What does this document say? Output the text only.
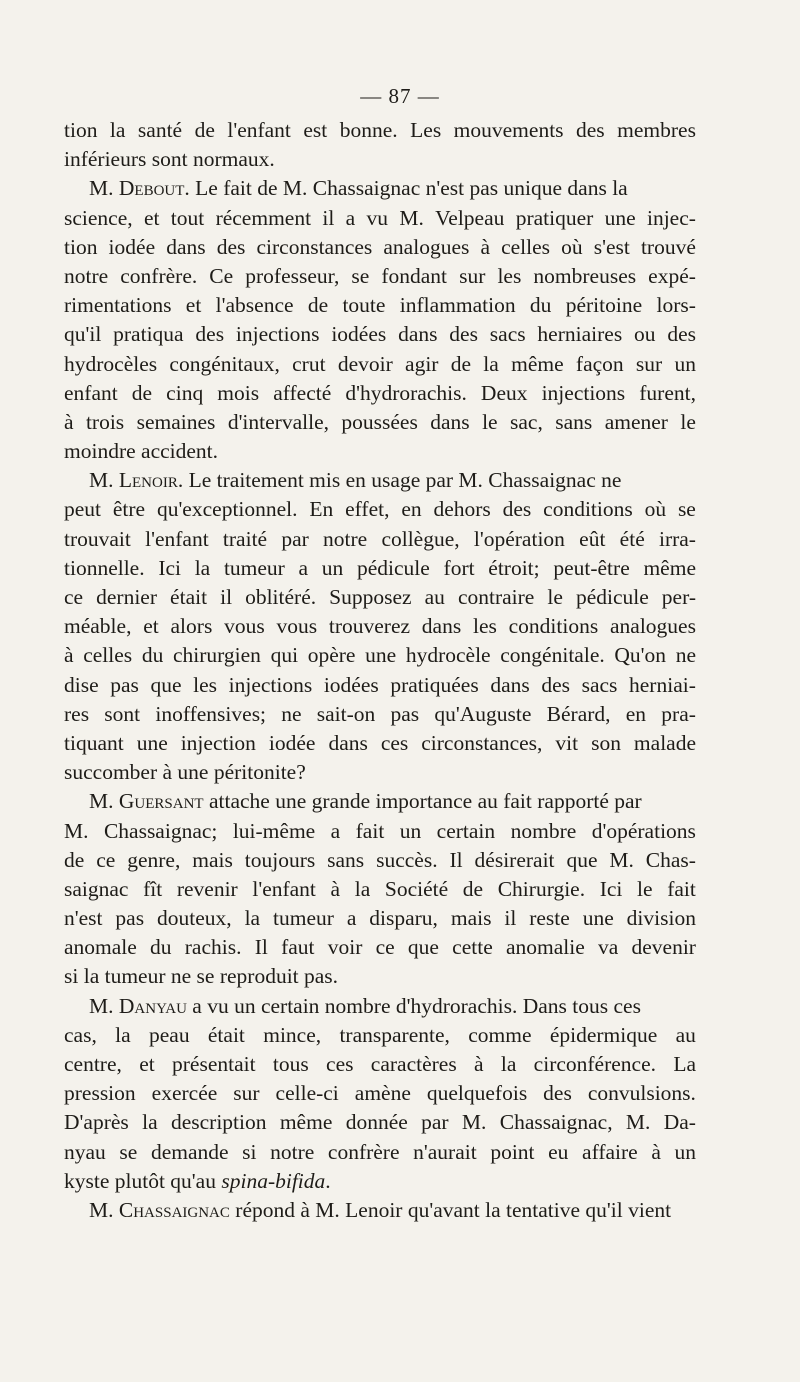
— 87 —
tion la santé de l'enfant est bonne. Les mouvements des membres
inférieurs sont normaux.
M. Debout. Le fait de M. Chassaignac n'est pas unique dans la
science, et tout récemment il a vu M. Velpeau pratiquer une injec-
tion iodée dans des circonstances analogues à celles où s'est trouvé
notre confrère. Ce professeur, se fondant sur les nombreuses expé-
rimentations et l'absence de toute inflammation du péritoine lors-
qu'il pratiqua des injections iodées dans des sacs herniaires ou des
hydrocèles congénitaux, crut devoir agir de la même façon sur un
enfant de cinq mois affecté d'hydrorachis. Deux injections furent,
à trois semaines d'intervalle, poussées dans le sac, sans amener le
moindre accident.
M. Lenoir. Le traitement mis en usage par M. Chassaignac ne
peut être qu'exceptionnel. En effet, en dehors des conditions où se
trouvait l'enfant traité par notre collègue, l'opération eût été irra-
tionnelle. Ici la tumeur a un pédicule fort étroit; peut-être même
ce dernier était il oblitéré. Supposez au contraire le pédicule per-
méable, et alors vous vous trouverez dans les conditions analogues
à celles du chirurgien qui opère une hydrocèle congénitale. Qu'on ne
dise pas que les injections iodées pratiquées dans des sacs herniai-
res sont inoffensives; ne sait-on pas qu'Auguste Bérard, en pra-
tiquant une injection iodée dans ces circonstances, vit son malade
succomber à une péritonite?
M. Guersant attache une grande importance au fait rapporté par
M. Chassaignac; lui-même a fait un certain nombre d'opérations
de ce genre, mais toujours sans succès. Il désirerait que M. Chas-
saignac fît revenir l'enfant à la Société de Chirurgie. Ici le fait
n'est pas douteux, la tumeur a disparu, mais il reste une division
anomale du rachis. Il faut voir ce que cette anomalie va devenir
si la tumeur ne se reproduit pas.
M. Danyau a vu un certain nombre d'hydrorachis. Dans tous ces
cas, la peau était mince, transparente, comme épidermique au
centre, et présentait tous ces caractères à la circonférence. La
pression exercée sur celle-ci amène quelquefois des convulsions.
D'après la description même donnée par M. Chassaignac, M. Da-
nyau se demande si notre confrère n'aurait point eu affaire à un
kyste plutôt qu'au spina-bifida.
M. Chassaignac répond à M. Lenoir qu'avant la tentative qu'il vient
